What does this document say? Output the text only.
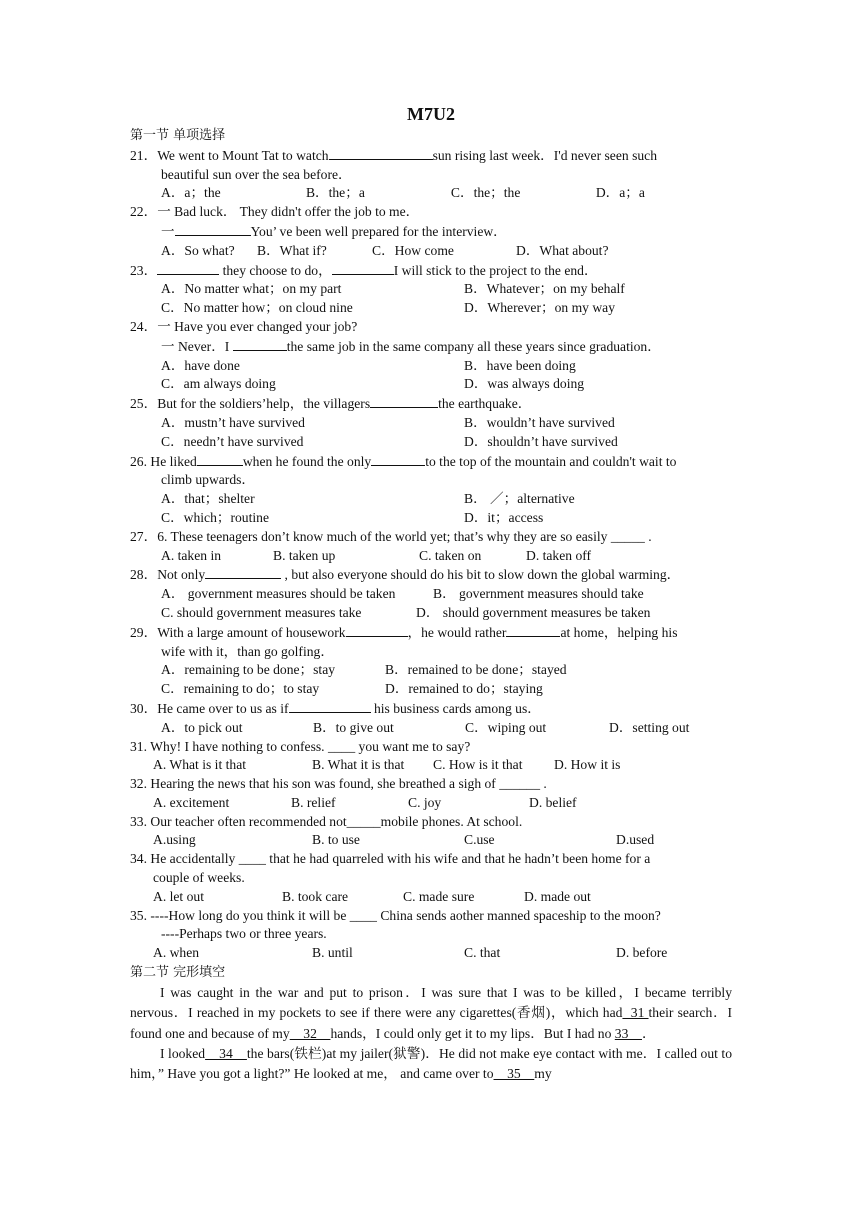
M7U2
第一节 单项选择
21．We went to Mount Tat to watch	sun rising last week．I'd never seen such
beautiful sun over the sea before．
A．a；the	B．the；a	C．the；the	D．a；a
22．一 Bad luck． They didn't offer the job to me．
一	You’ ve been well prepared for the interview．
A．So what?	B．What if?	C．How come	D．What about?
23．	they choose to do，	I will stick to the project to the end．
A．No matter what；on my part	B．Whatever；on my behalf
C．No matter how；on cloud nine	D．Wherever；on my way
24．一 Have you ever changed your job?
一 Never．I	the same job in the same company all these years since graduation．
A．have done	B．have been doing
C．am always doing	D．was always doing
25．But for the soldiers’help，the villagers	the earthquake．
A．mustn’t have survived	B．wouldn’t have survived
C．needn’t have survived	D．shouldn’t have survived
26. He liked	when he found the only	to the top of the mountain and couldn't wait to
climb upwards．
A．that；shelter	B． ／；alternative
C．which；routine	D．it；access
27．6. These teenagers don’t know much of the world yet; that’s why they are so easily _____ .
A. taken in	B. taken up	C. taken on	D. taken off
28．Not only	, but also everyone should do his bit to slow down the global warming．
A． government measures should be taken	B． government measures should take
C. should government measures take	D． should government measures be taken
29．With a large amount of housework	，he would rather	at home，helping his
wife with it，than go golfing．
A．remaining to be done；stay	B．remained to be done；stayed
C．remaining to do；to stay	D．remained to do；staying
30．He came over to us as if	his business cards among us．
A．to pick out	B．to give out	C．wiping out	D．setting out
31. Why! I have nothing to confess. ____ you want me to say?
A. What is it that	B. What it is that	C. How is it that	D. How it is
32. Hearing the news that his son was found, she breathed a sigh of ______ .
A. excitement	B. relief	C. joy	D. belief
33. Our teacher often recommended not_____mobile phones. At school.
A.using	B. to use	C.use	D.used
34. He accidentally ____ that he had quarreled with his wife and that he hadn’t been home for a
couple of weeks.
A. let out	B. took care	C. made sure	D. made out
35. ----How long do you think it will be ____ China sends aother manned spaceship to the moon?
----Perhaps two or three years.
A. when	B. until	C. that	D. before
第二节 完形填空
I was caught in the war and put to prison．I was sure that I was to be killed，I became terribly nervous．I reached in my pockets to see if there were any cigarettes(香烟)，which had  31 their search．I found one and because of my    32    hands，I could only get it to my lips．But I had no 33    ．
I looked    34    the bars(铁栏)at my jailer(狱警)．He did not make eye contact with me．I called out to him，” Have you got a light?” He looked at me， and came over to    35    my
